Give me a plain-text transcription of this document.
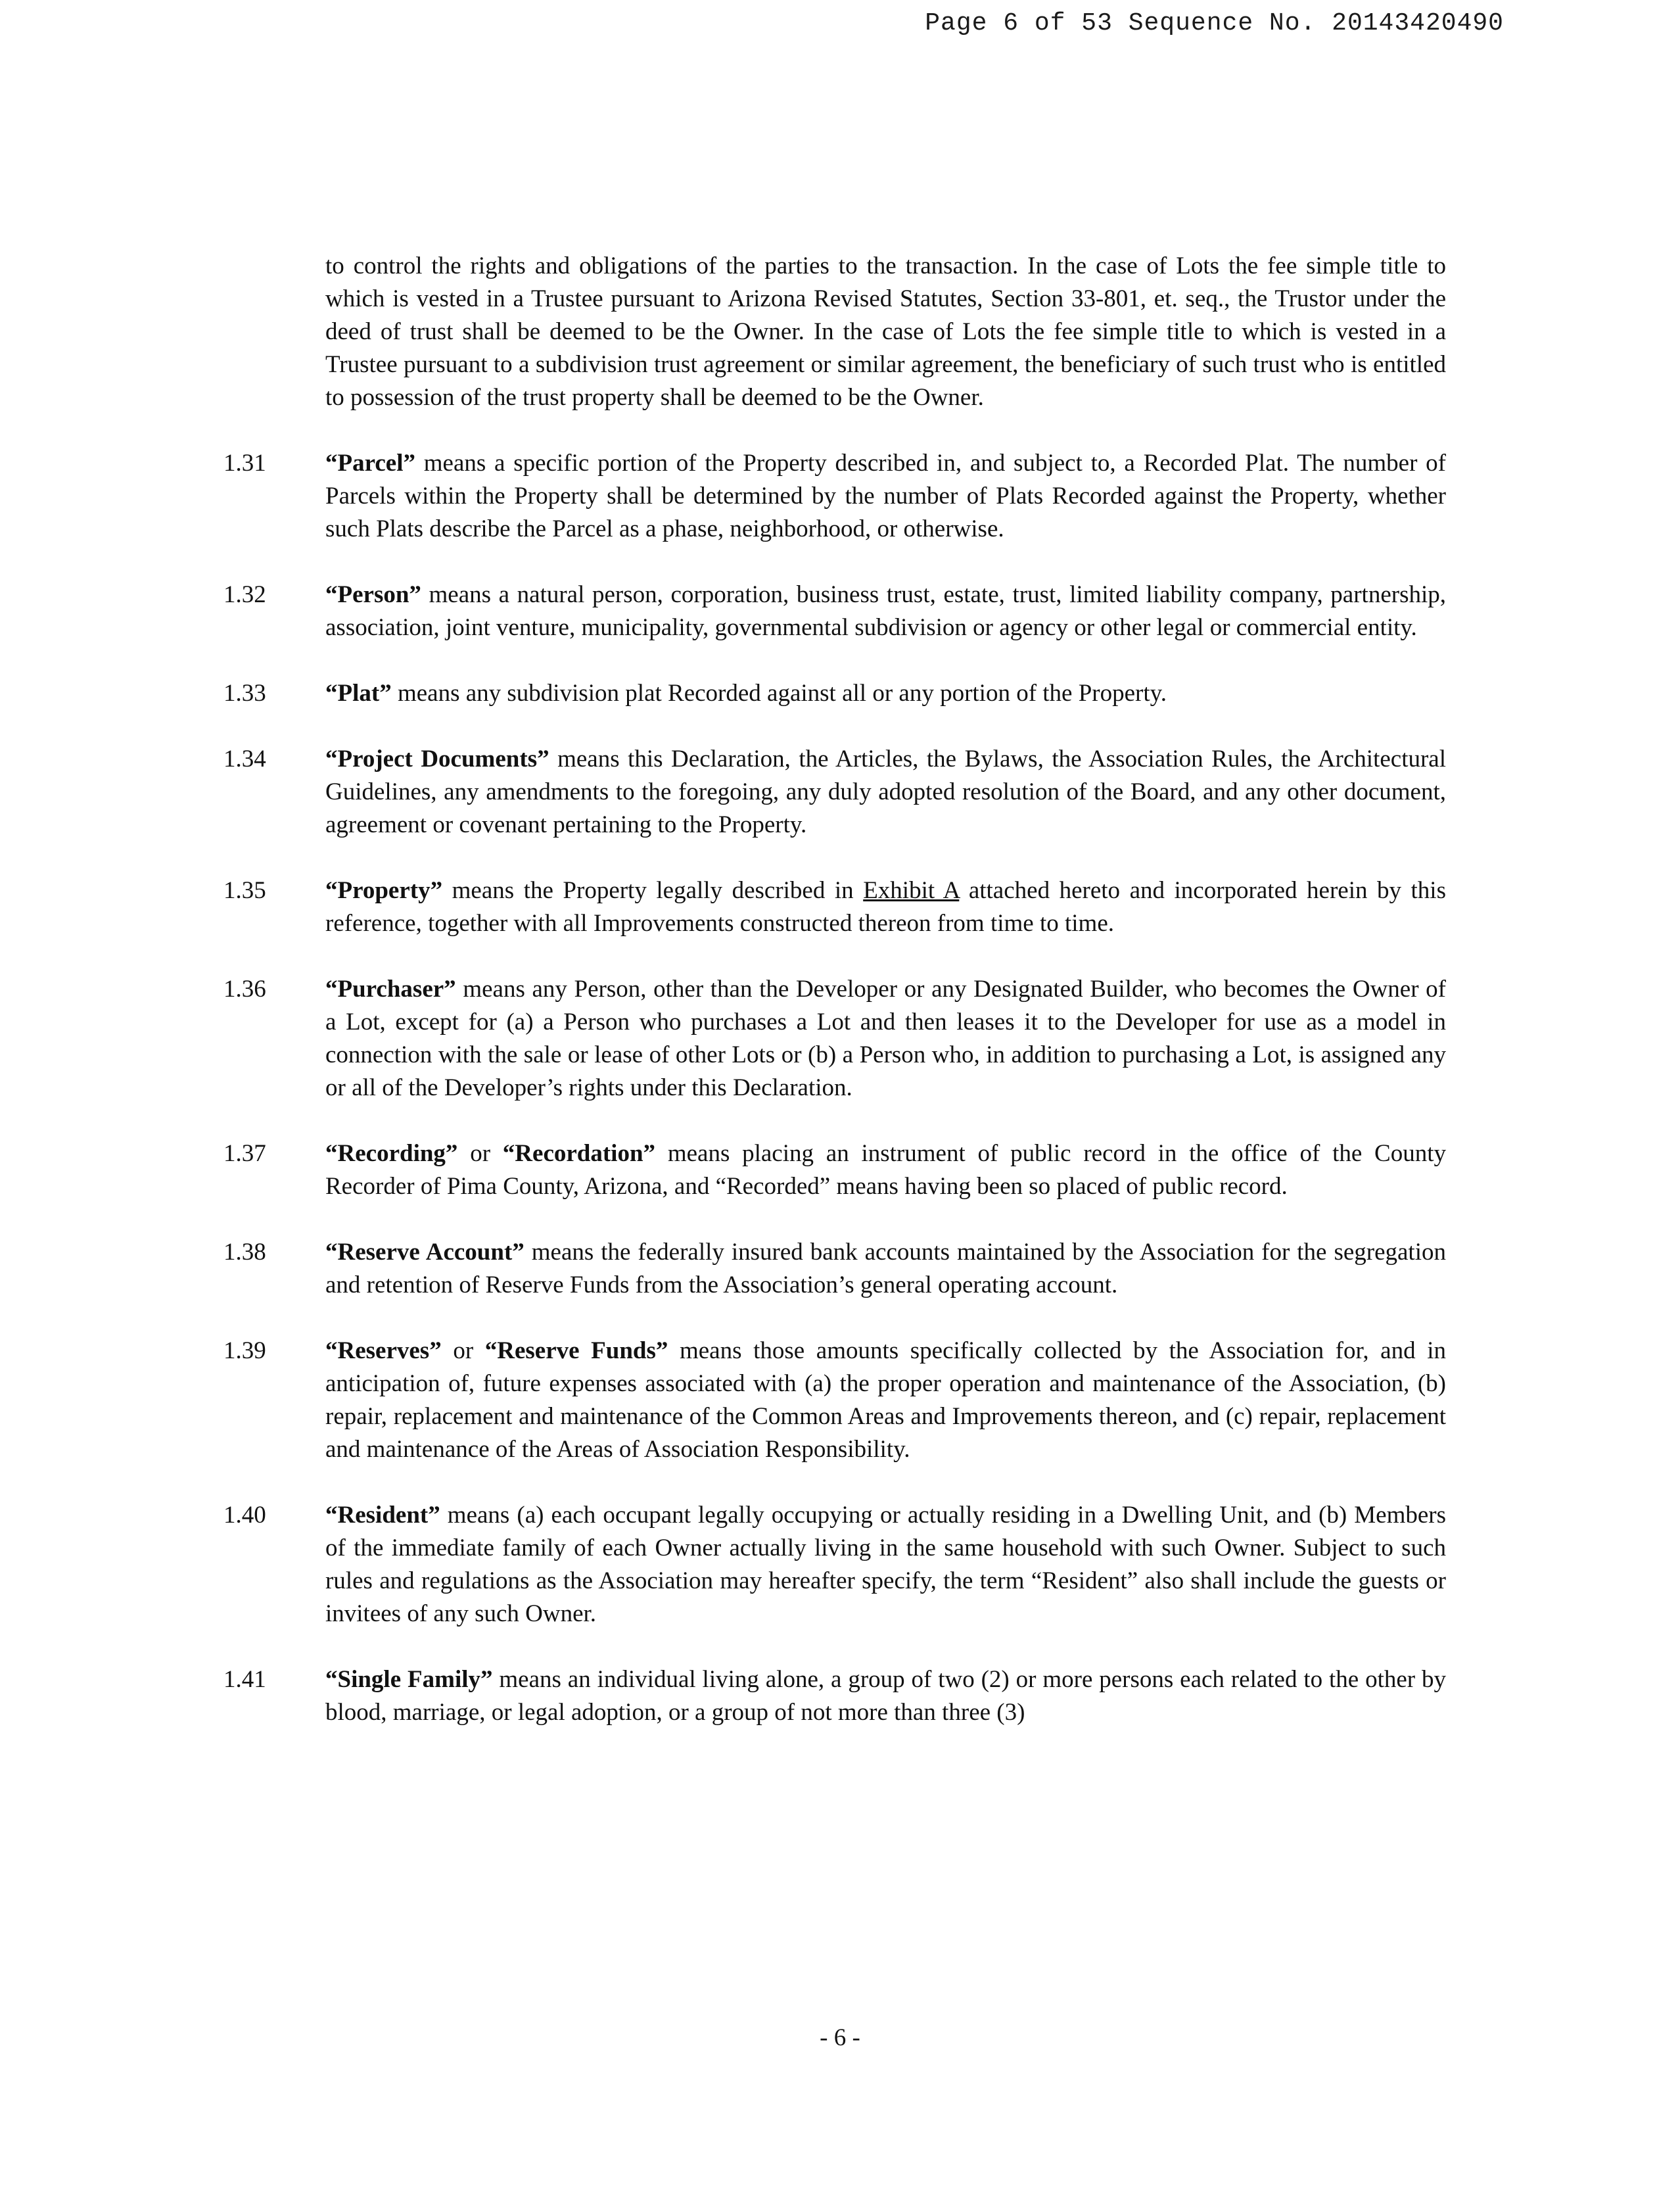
Page 6 of 53 Sequence No. 20143420490

to control the rights and obligations of the parties to the transaction. In the case of Lots the fee simple title to which is vested in a Trustee pursuant to Arizona Revised Statutes, Section 33-801, et. seq., the Trustor under the deed of trust shall be deemed to be the Owner. In the case of Lots the fee simple title to which is vested in a Trustee pursuant to a subdivision trust agreement or similar agreement, the beneficiary of such trust who is entitled to possession of the trust property shall be deemed to be the Owner.

1.31	“Parcel” means a specific portion of the Property described in, and subject to, a Recorded Plat. The number of Parcels within the Property shall be determined by the number of Plats Recorded against the Property, whether such Plats describe the Parcel as a phase, neighborhood, or otherwise.

1.32	“Person” means a natural person, corporation, business trust, estate, trust, limited liability company, partnership, association, joint venture, municipality, governmental subdivision or agency or other legal or commercial entity.

1.33	“Plat” means any subdivision plat Recorded against all or any portion of the Property.

1.34	“Project Documents” means this Declaration, the Articles, the Bylaws, the Association Rules, the Architectural Guidelines, any amendments to the foregoing, any duly adopted resolution of the Board, and any other document, agreement or covenant pertaining to the Property.

1.35	“Property” means the Property legally described in Exhibit A attached hereto and incorporated herein by this reference, together with all Improvements constructed thereon from time to time.

1.36	“Purchaser” means any Person, other than the Developer or any Designated Builder, who becomes the Owner of a Lot, except for (a) a Person who purchases a Lot and then leases it to the Developer for use as a model in connection with the sale or lease of other Lots or (b) a Person who, in addition to purchasing a Lot, is assigned any or all of the Developer’s rights under this Declaration.

1.37	“Recording” or “Recordation” means placing an instrument of public record in the office of the County Recorder of Pima County, Arizona, and “Recorded” means having been so placed of public record.

1.38	“Reserve Account” means the federally insured bank accounts maintained by the Association for the segregation and retention of Reserve Funds from the Association’s general operating account.

1.39	“Reserves” or “Reserve Funds” means those amounts specifically collected by the Association for, and in anticipation of, future expenses associated with (a) the proper operation and maintenance of the Association, (b) repair, replacement and maintenance of the Common Areas and Improvements thereon, and (c) repair, replacement and maintenance of the Areas of Association Responsibility.

1.40	“Resident” means (a) each occupant legally occupying or actually residing in a Dwelling Unit, and (b) Members of the immediate family of each Owner actually living in the same household with such Owner. Subject to such rules and regulations as the Association may hereafter specify, the term “Resident” also shall include the guests or invitees of any such Owner.

1.41	“Single Family” means an individual living alone, a group of two (2) or more persons each related to the other by blood, marriage, or legal adoption, or a group of not more than three (3)

- 6 -
